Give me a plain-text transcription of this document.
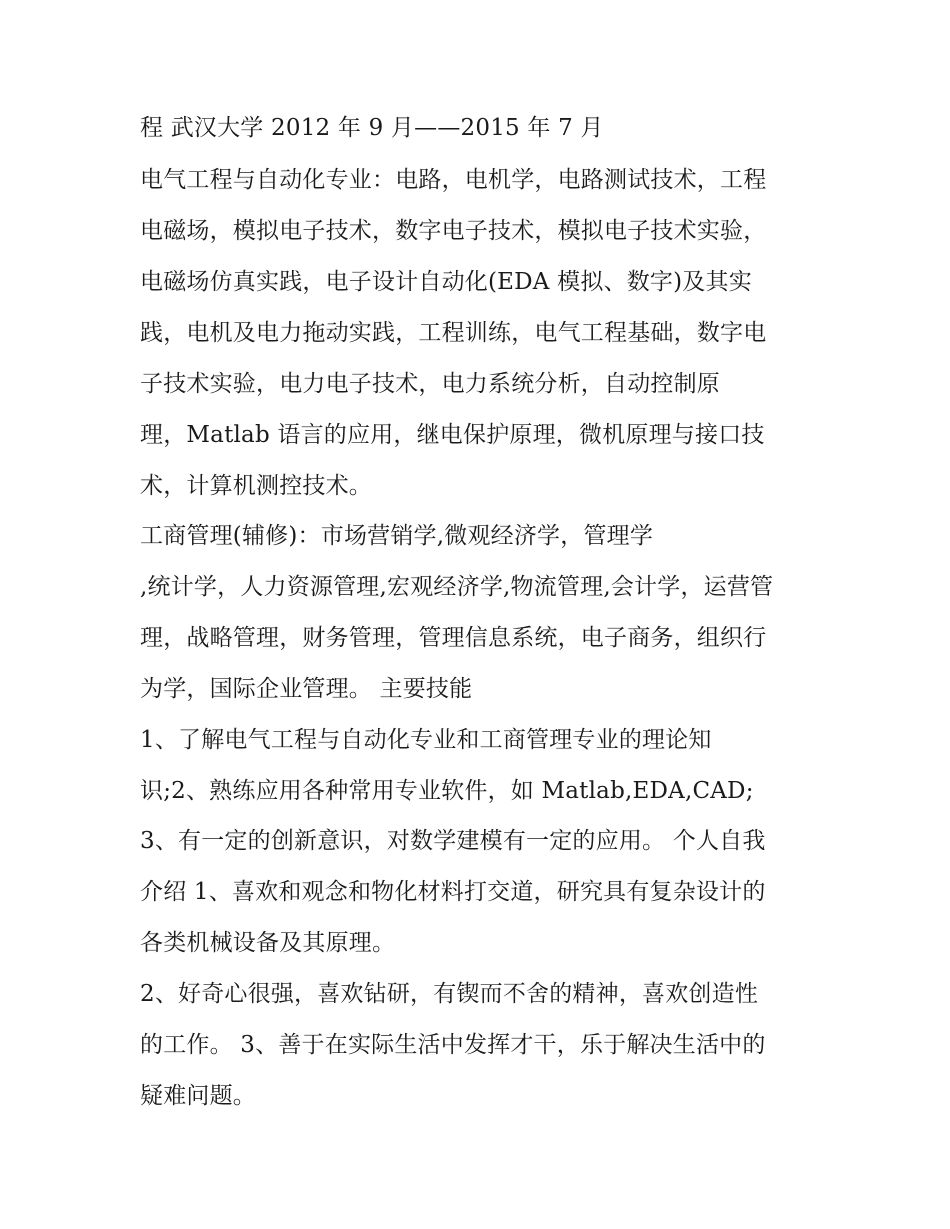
程 武汉大学 2012 年 9 月——2015 年 7 月
电气工程与自动化专业：电路，电机学，电路测试技术，工程
电磁场，模拟电子技术，数字电子技术，模拟电子技术实验，
电磁场仿真实践，电子设计自动化(EDA 模拟、数字)及其实
践，电机及电力拖动实践，工程训练，电气工程基础，数字电
子技术实验，电力电子技术，电力系统分析，自动控制原
理，Matlab 语言的应用，继电保护原理，微机原理与接口技
术，计算机测控技术。
工商管理(辅修)：市场营销学,微观经济学，管理学
,统计学，人力资源管理,宏观经济学,物流管理,会计学，运营管
理，战略管理，财务管理，管理信息系统，电子商务，组织行
为学，国际企业管理。 主要技能
1、了解电气工程与自动化专业和工商管理专业的理论知
识;2、熟练应用各种常用专业软件，如 Matlab,EDA,CAD;
3、有一定的创新意识，对数学建模有一定的应用。 个人自我
介绍 1、喜欢和观念和物化材料打交道，研究具有复杂设计的
各类机械设备及其原理。
2、好奇心很强，喜欢钻研，有锲而不舍的精神，喜欢创造性
的工作。 3、善于在实际生活中发挥才干，乐于解决生活中的
疑难问题。
